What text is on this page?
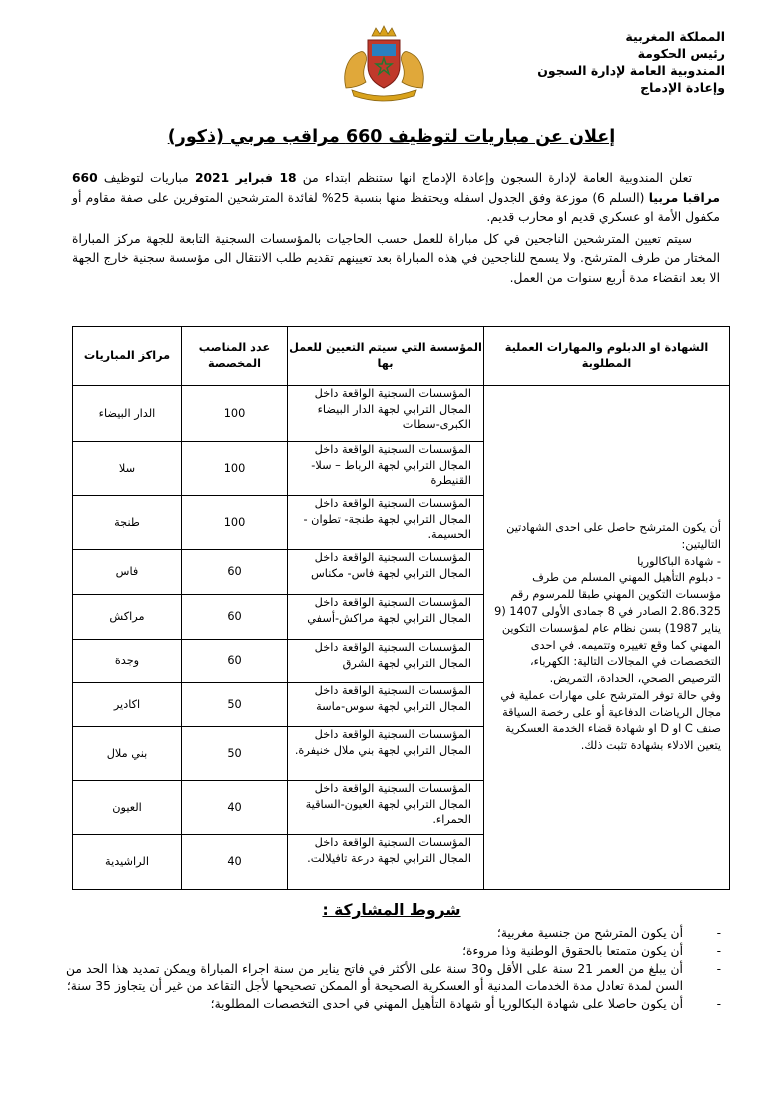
المملكة المغربية
رئيس الحكومة
المندوبية العامة لإدارة السجون
وإعادة الإدماج
إعلان عن مباريات لتوظيف 660 مراقب مربي (ذكور)

تعلن المندوبية العامة لإدارة السجون وإعادة الإدماج انها ستنظم ابتداء من 18 فبراير 2021 مباريات لتوظيف 660 مراقبا مربيا (السلم 6) موزعة وفق الجدول اسفله ويحتفظ منها بنسبة 25% لفائدة المترشحين المتوفرين على صفة مقاوم أو مكفول الأمة او عسكري قديم او محارب قديم.

سيتم تعيين المترشحين الناجحين في كل مباراة للعمل حسب الحاجيات بالمؤسسات السجنية التابعة للجهة مركز المباراة المختار من طرف المترشح. ولا يسمح للناجحين في هذه المباراة بعد تعيينهم تقديم طلب الانتقال الى مؤسسة سجنية خارج الجهة الا بعد انقضاء مدة أربع سنوات من العمل.

الشهادة او الدبلوم والمهارات العملية المطلوبة	المؤسسة التي سيتم التعيين للعمل بها	عدد المناصب المخصصة	مراكز المباريات

أن يكون المترشح حاصل على احدى الشهادتين التاليتين:
- شهادة الباكالوريا
- دبلوم التأهيل المهني المسلم من طرف مؤسسات التكوين المهني طبقا للمرسوم رقم 2.86.325 الصادر في 8 جمادى الأولى 1407 (9 يناير 1987) بسن نظام عام لمؤسسات التكوين المهني كما وقع تغييره وتتميمه. في احدى التخصصات في المجالات التالية: الكهرباء، الترصيص الصحي، الحدادة، التمريض.
وفي حالة توفر المترشح على مهارات عملية في مجال الرياضات الدفاعية أو على رخصة السياقة صنف C او D او شهادة قضاء الخدمة العسكرية يتعين الادلاء بشهادة تثبت ذلك.	المؤسسات السجنية الواقعة داخل المجال الترابي لجهة الدار البيضاء الكبرى-سطات	100	الدار البيضاء
	المؤسسات السجنية الواقعة داخل المجال الترابي لجهة الرباط – سلا- القنيطرة	100	سلا
	المؤسسات السجنية الواقعة داخل المجال الترابي لجهة طنجة- تطوان - الحسيمة.	100	طنجة
	المؤسسات السجنية الواقعة داخل المجال الترابي لجهة فاس- مكناس	60	فاس
	المؤسسات السجنية الواقعة داخل المجال الترابي لجهة مراكش-أسفي	60	مراكش
	المؤسسات السجنية الواقعة داخل المجال الترابي لجهة الشرق	60	وجدة
	المؤسسات السجنية الواقعة داخل المجال الترابي لجهة سوس-ماسة	50	اكادير
	المؤسسات السجنية الواقعة داخل المجال الترابي لجهة بني ملال خنيفرة.	50	بني ملال
	المؤسسات السجنية الواقعة داخل المجال الترابي لجهة العيون-الساقية الحمراء.	40	العيون
	المؤسسات السجنية الواقعة داخل المجال الترابي لجهة درعة تافيلالت.	40	الراشيدية
شروط المشاركة :
-
أن يكون المترشح من جنسية مغربية؛
-
أن يكون متمتعا بالحقوق الوطنية وذا مروءة؛
-
أن يبلغ من العمر 21 سنة على الأقل و30 سنة على الأكثر في فاتح يناير من سنة اجراء المباراة ويمكن تمديد هذا الحد من السن لمدة تعادل مدة الخدمات المدنية أو العسكرية الصحيحة أو الممكن تصحيحها لأجل التقاعد من غير أن يتجاوز 35 سنة؛
-
أن يكون حاصلا على شهادة البكالوريا أو شهادة التأهيل المهني في احدى التخصصات المطلوبة؛
